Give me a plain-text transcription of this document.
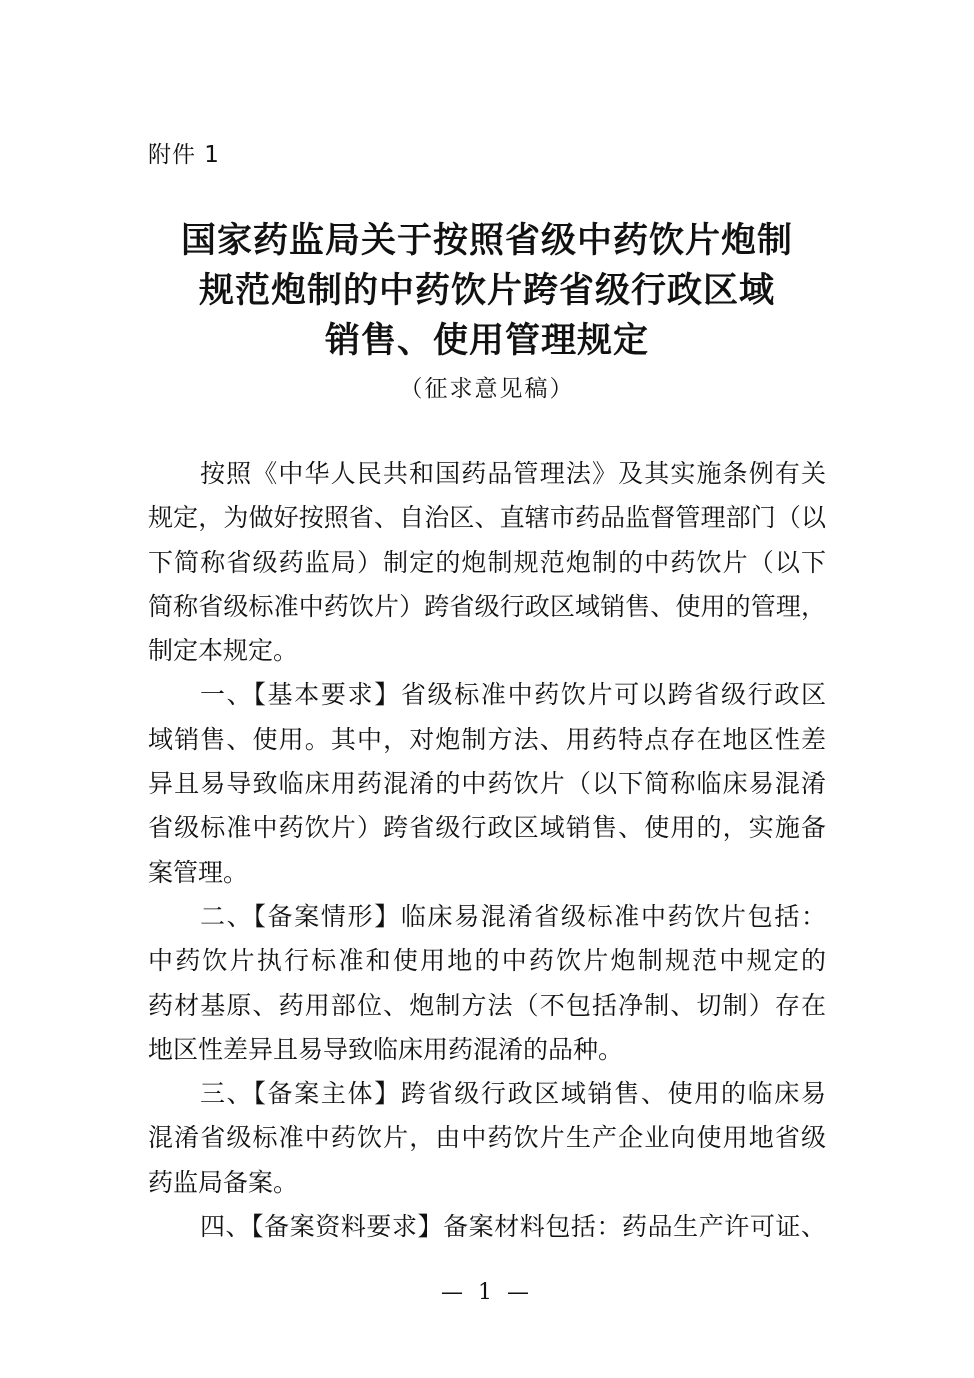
附件 1
国家药监局关于按照省级中药饮片炮制
规范炮制的中药饮片跨省级行政区域
销售、使用管理规定
（征求意见稿）
按照《中华人民共和国药品管理法》及其实施条例有关
规定，为做好按照省、自治区、直辖市药品监督管理部门（以
下简称省级药监局）制定的炮制规范炮制的中药饮片（以下
简称省级标准中药饮片）跨省级行政区域销售、使用的管理，
制定本规定。
一、【基本要求】省级标准中药饮片可以跨省级行政区
域销售、使用。其中，对炮制方法、用药特点存在地区性差
异且易导致临床用药混淆的中药饮片（以下简称临床易混淆
省级标准中药饮片）跨省级行政区域销售、使用的，实施备
案管理。
二、【备案情形】临床易混淆省级标准中药饮片包括：
中药饮片执行标准和使用地的中药饮片炮制规范中规定的
药材基原、药用部位、炮制方法（不包括净制、切制）存在
地区性差异且易导致临床用药混淆的品种。
三、【备案主体】跨省级行政区域销售、使用的临床易
混淆省级标准中药饮片，由中药饮片生产企业向使用地省级
药监局备案。
四、【备案资料要求】备案材料包括：药品生产许可证、
— 1 —
